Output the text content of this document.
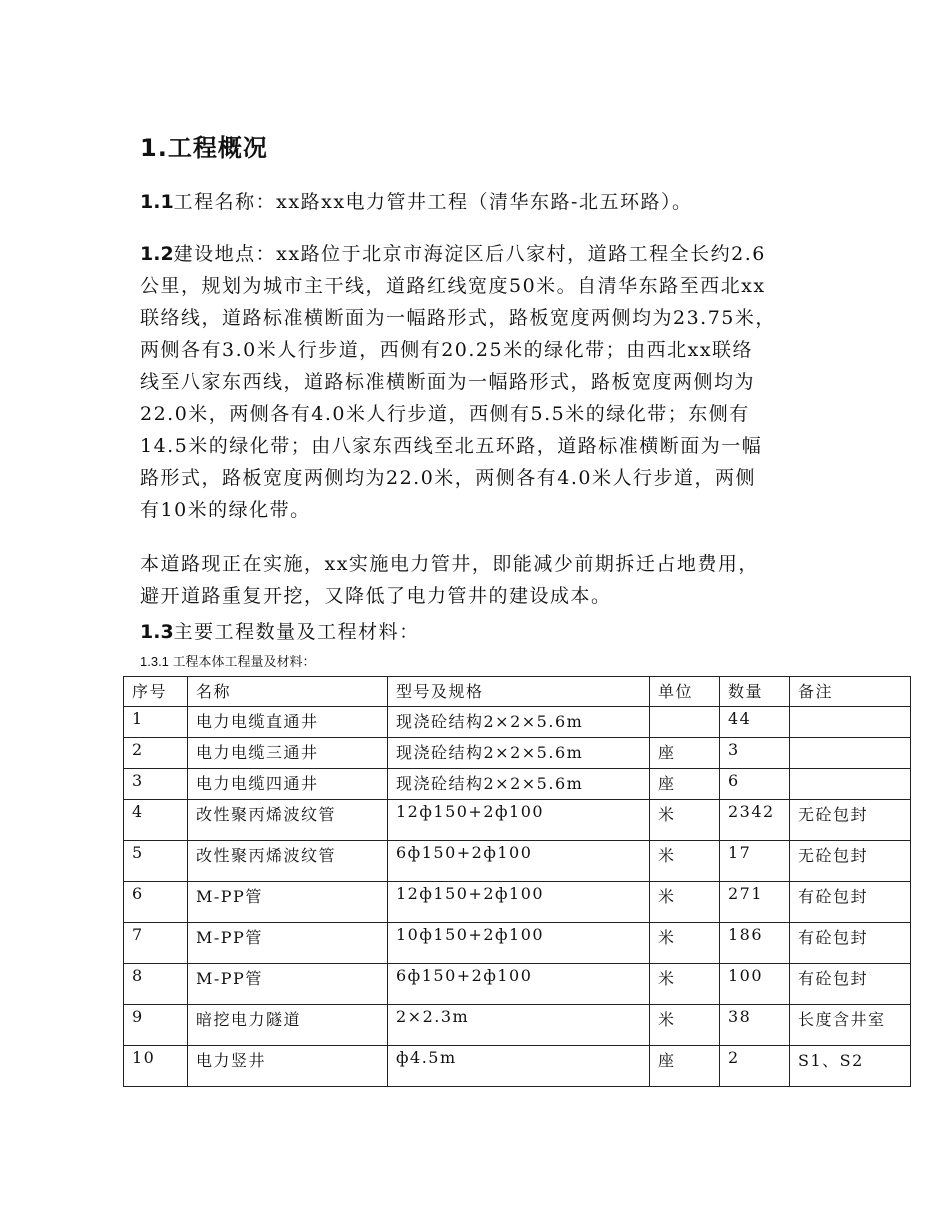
1.工程概况

1.1工程名称：xx路xx电力管井工程（清华东路-北五环路）。

1.2建设地点：xx路位于北京市海淀区后八家村，道路工程全长约2.6
公里，规划为城市主干线，道路红线宽度50米。自清华东路至西北xx
联络线，道路标准横断面为一幅路形式，路板宽度两侧均为23.75米，
两侧各有3.0米人行步道，西侧有20.25米的绿化带；由西北xx联络
线至八家东西线，道路标准横断面为一幅路形式，路板宽度两侧均为
22.0米，两侧各有4.0米人行步道，西侧有5.5米的绿化带；东侧有
14.5米的绿化带；由八家东西线至北五环路，道路标准横断面为一幅
路形式，路板宽度两侧均为22.0米，两侧各有4.0米人行步道，两侧
有10米的绿化带。
本道路现正在实施，xx实施电力管井，即能减少前期拆迁占地费用，
避开道路重复开挖，又降低了电力管井的建设成本。

1.3主要工程数量及工程材料：

1.3.1 工程本体工程量及材料：
序号	名称	型号及规格	单位	数量	备注
1	电力电缆直通井	现浇砼结构2×2×5.6m		44	
2	电力电缆三通井	现浇砼结构2×2×5.6m	座	3	
3	电力电缆四通井	现浇砼结构2×2×5.6m	座	6	
4	改性聚丙烯波纹管	12ф150+2ф100	米	2342	无砼包封
5	改性聚丙烯波纹管	6ф150+2ф100	米	17	无砼包封
6	M-PP管	12ф150+2ф100	米	271	有砼包封
7	M-PP管	10ф150+2ф100	米	186	有砼包封
8	M-PP管	6ф150+2ф100	米	100	有砼包封
9	暗挖电力隧道	2×2.3m	米	38	长度含井室
10	电力竖井	ф4.5m	座	2	S1、S2
